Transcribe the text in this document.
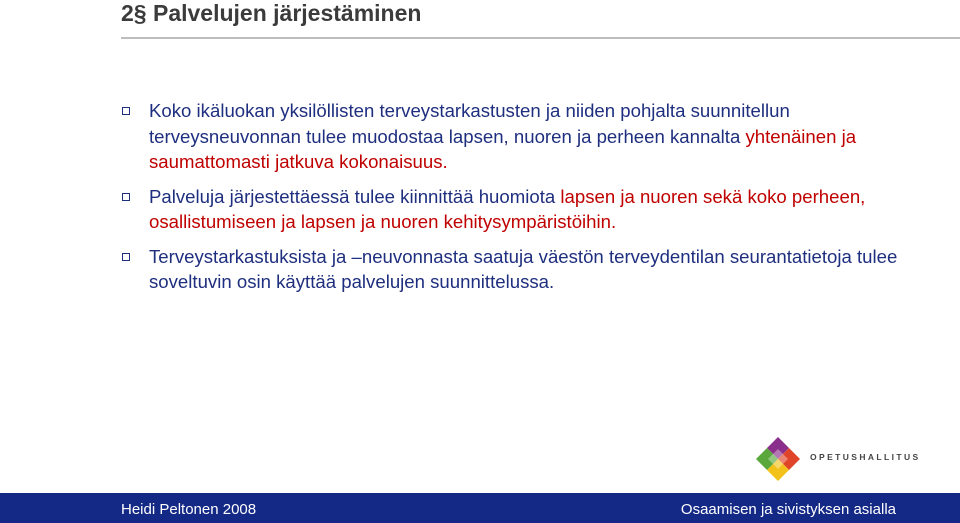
2§ Palvelujen järjestäminen
Koko ikäluokan yksilöllisten terveystarkastusten ja niiden pohjalta suunnitellun terveysneuvonnan tulee muodostaa lapsen, nuoren ja perheen kannalta yhtenäinen ja saumattomasti jatkuva kokonaisuus.
Palveluja järjestettäessä tulee kiinnittää huomiota lapsen ja nuoren sekä koko perheen, osallistumiseen ja lapsen ja nuoren kehitysympäristöihin.
Terveystarkastuksista ja –neuvonnasta saatuja väestön terveydentilan seurantatietoja tulee soveltuvin osin käyttää palvelujen suunnittelussa.
OPETUSHALLITUS
Heidi Peltonen 2008	Osaamisen ja sivistyksen asialla
